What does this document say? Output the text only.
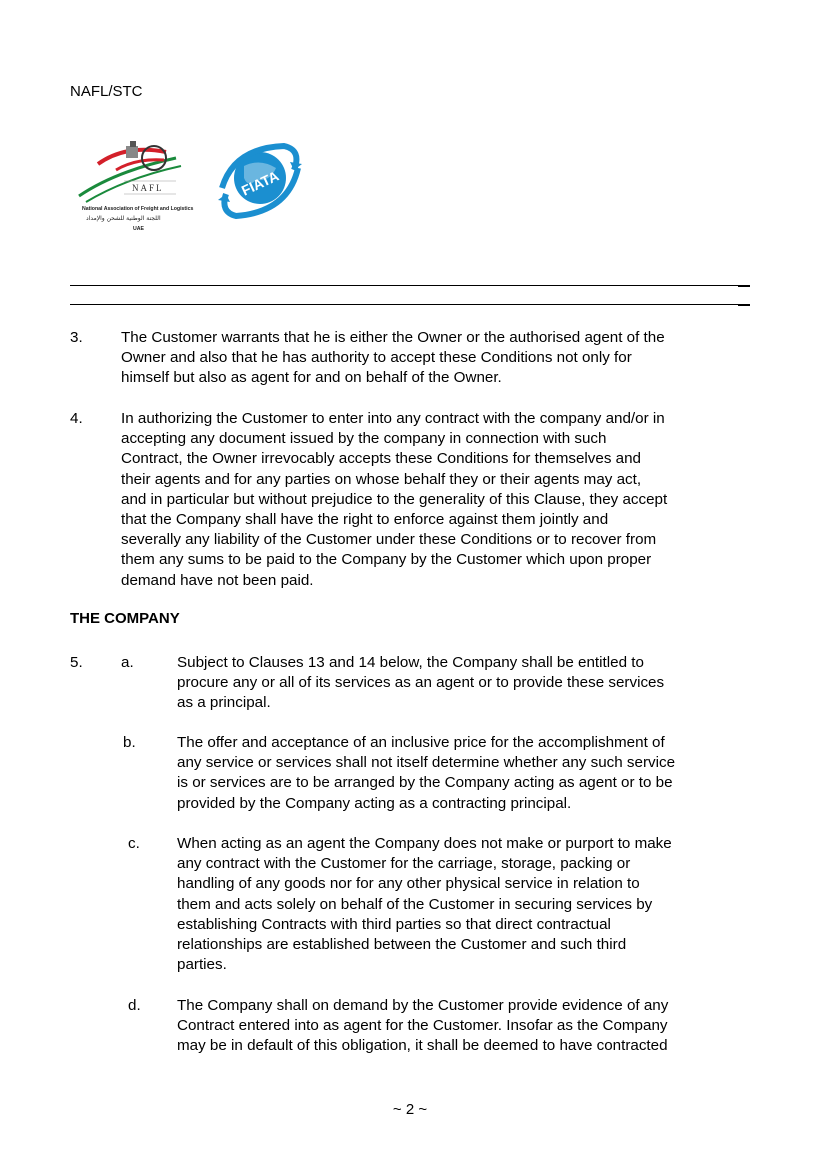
NAFL/STC
NAFL
National Association of Freight and Logistics
اللجنة الوطنية للشحن والإمداد
UAE
FIATA
3.	The Customer warrants that he is either the Owner or the authorised agent of the
Owner and also that he has authority to accept these Conditions not only for
himself but also as agent for and on behalf of the Owner.
4.	In authorizing the Customer to enter into any contract with the company and/or in
accepting any document issued by the company in connection with such
Contract, the Owner irrevocably accepts these Conditions for themselves and
their agents and for any parties on whose behalf they or their agents may act,
and in particular but without prejudice to the generality of this Clause, they accept
that the Company shall have the right to enforce against them jointly and
severally any liability of the Customer under these Conditions or to recover from
them any sums to be paid to the Company by the Customer which upon proper
demand have not been paid.
THE COMPANY
5.	a.	Subject to Clauses 13 and 14 below, the Company shall be entitled to
procure any or all of its services as an agent or to provide these services
as a principal.
b.	The offer and acceptance of an inclusive price for the accomplishment of
any service or services shall not itself determine whether any such service
is or services are to be arranged by the Company acting as agent or to be
provided by the Company acting as a contracting principal.
c. When acting as an agent the Company does not make or purport to make
any contract with the Customer for the carriage, storage, packing or
handling of any goods nor for any other physical service in relation to
them and acts solely on behalf of the Customer in securing services by
establishing Contracts with third parties so that direct contractual
relationships are established between the Customer and such third
parties.
d. The Company shall on demand by the Customer provide evidence of any
Contract entered into as agent for the Customer. Insofar as the Company
may be in default of this obligation, it shall be deemed to have contracted
~ 2 ~
